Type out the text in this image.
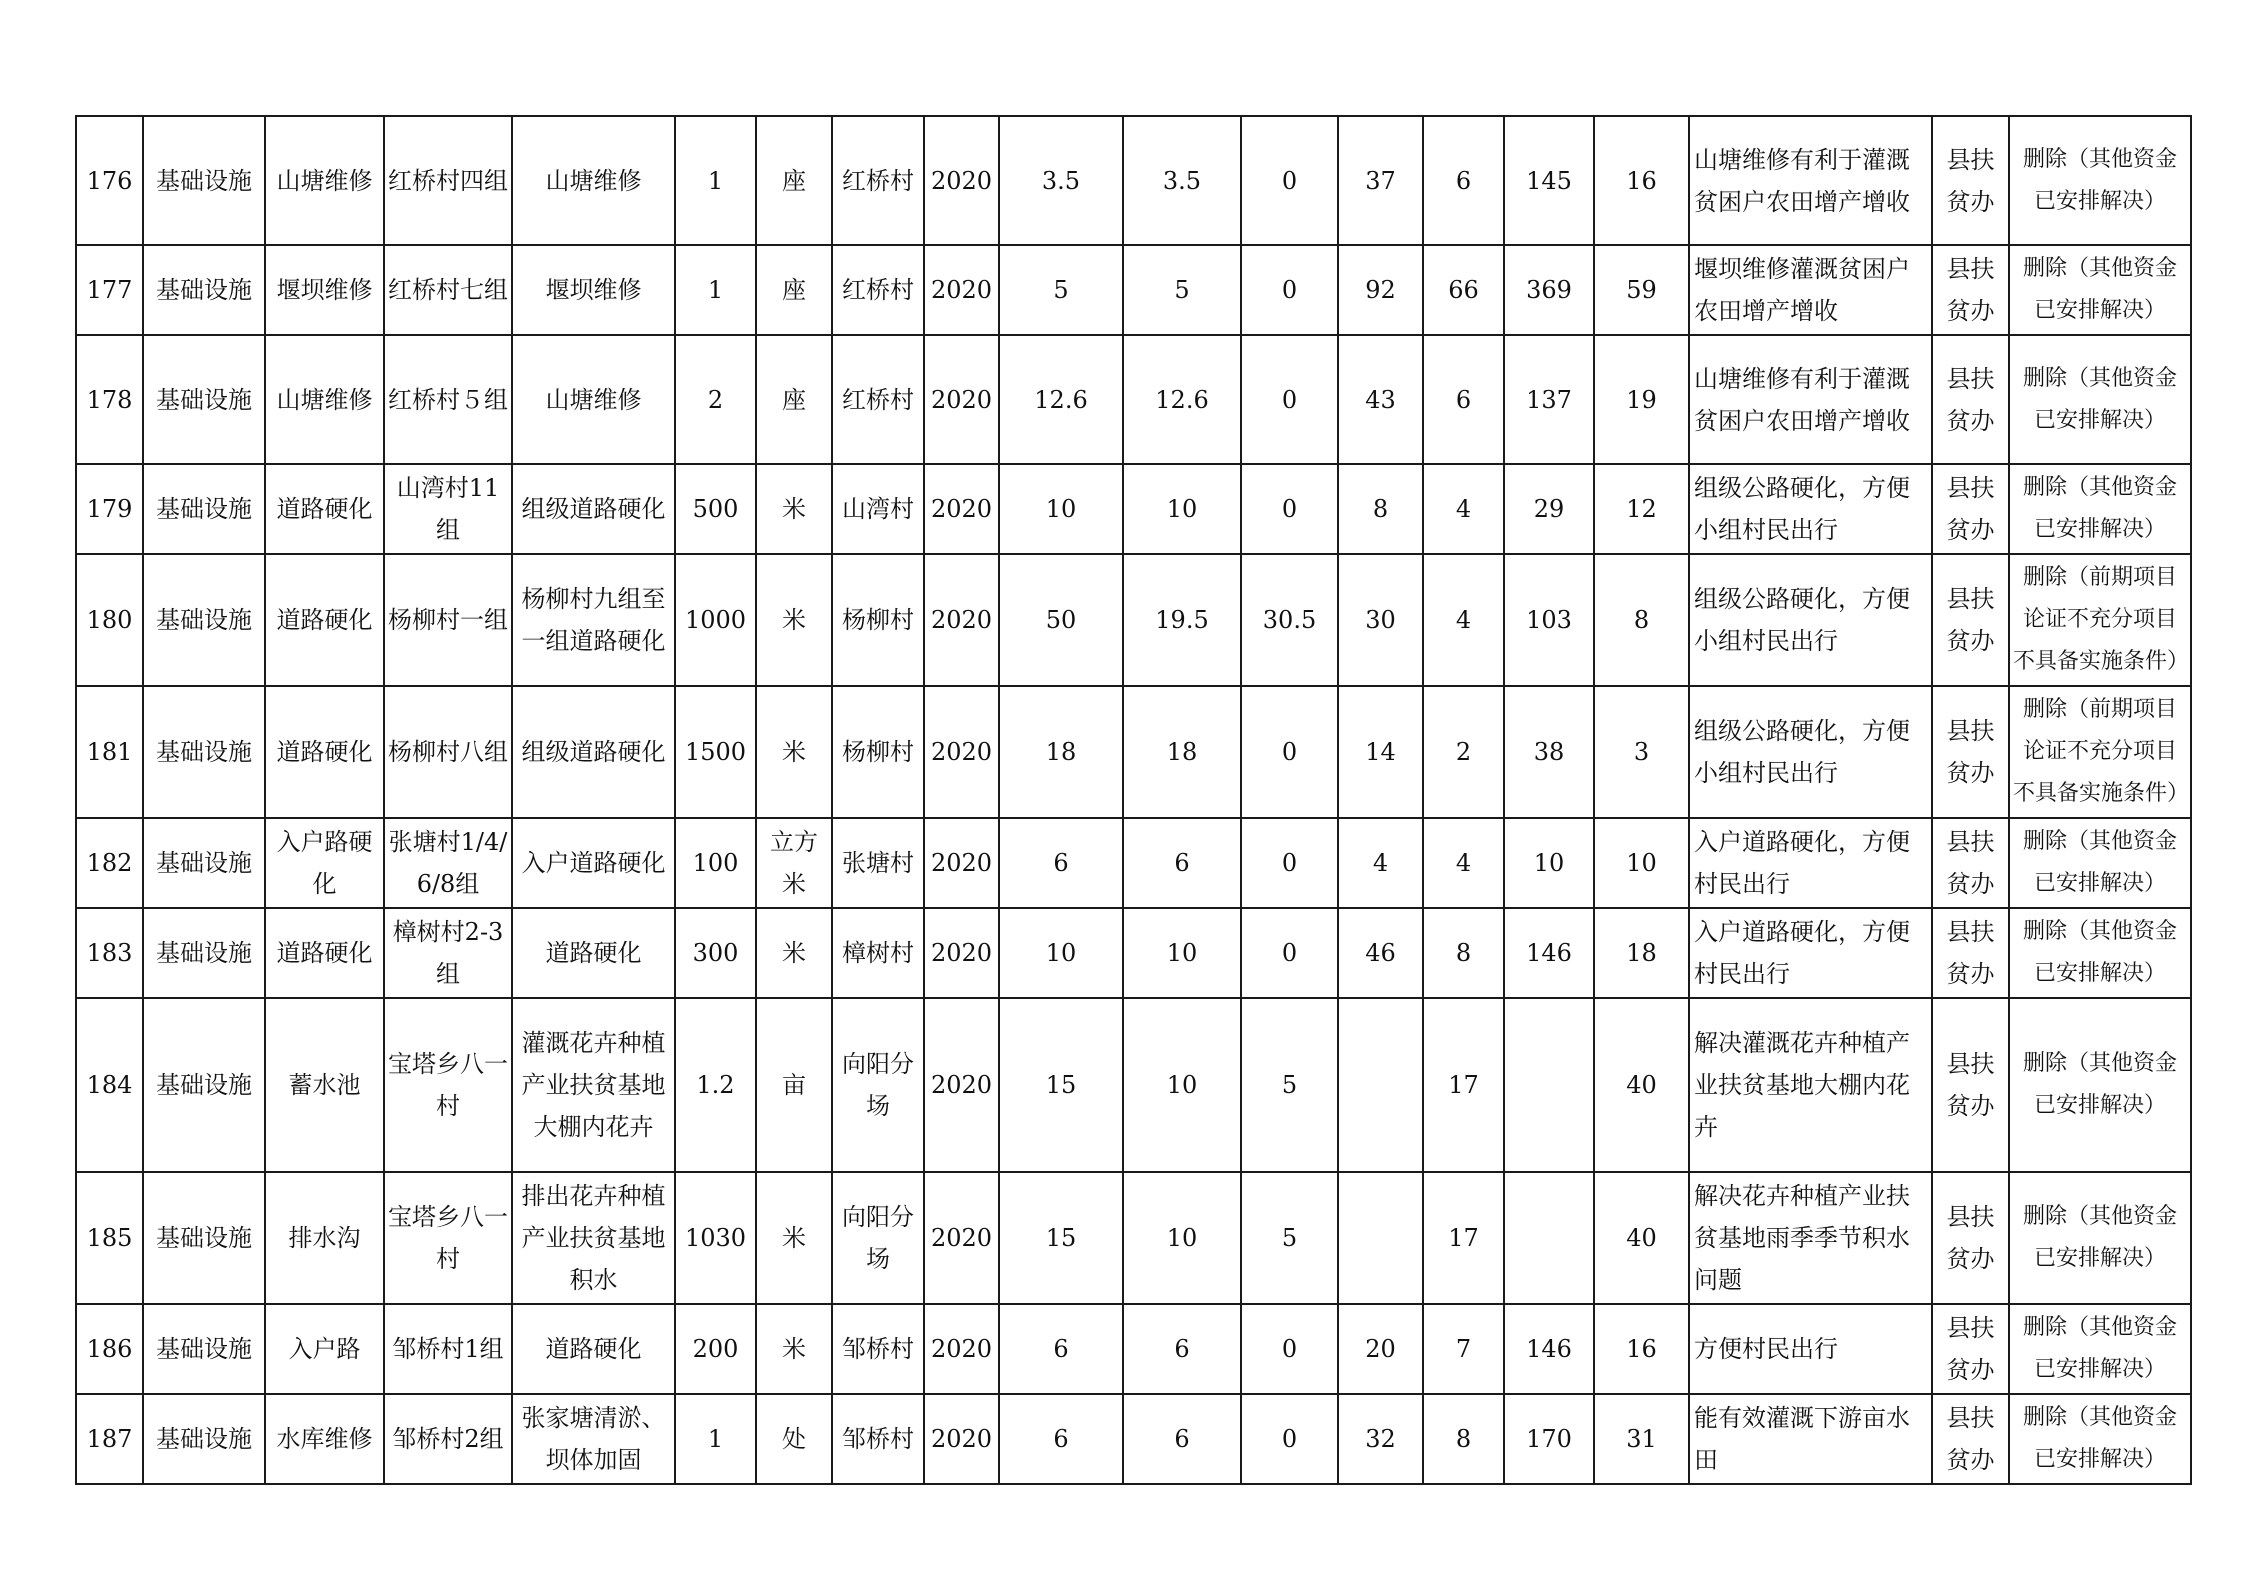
176	基础设施	山塘维修	红桥村四组	山塘维修	1	座	红桥村	2020	3.5	3.5	0	37	6	145	16	山塘维修有利于灌溉贫困户农田增产增收	县扶贫办	删除（其他资金已安排解决）
177	基础设施	堰坝维修	红桥村七组	堰坝维修	1	座	红桥村	2020	5	5	0	92	66	369	59	堰坝维修灌溉贫困户农田增产增收	县扶贫办	删除（其他资金已安排解决）
178	基础设施	山塘维修	红桥村５组	山塘维修	2	座	红桥村	2020	12.6	12.6	0	43	6	137	19	山塘维修有利于灌溉贫困户农田增产增收	县扶贫办	删除（其他资金已安排解决）
179	基础设施	道路硬化	山湾村11组	组级道路硬化	500	米	山湾村	2020	10	10	0	8	4	29	12	组级公路硬化，方便小组村民出行	县扶贫办	删除（其他资金已安排解决）
180	基础设施	道路硬化	杨柳村一组	杨柳村九组至一组道路硬化	1000	米	杨柳村	2020	50	19.5	30.5	30	4	103	8	组级公路硬化，方便小组村民出行	县扶贫办	删除（前期项目论证不充分项目不具备实施条件）
181	基础设施	道路硬化	杨柳村八组	组级道路硬化	1500	米	杨柳村	2020	18	18	0	14	2	38	3	组级公路硬化，方便小组村民出行	县扶贫办	删除（前期项目论证不充分项目不具备实施条件）
182	基础设施	入户路硬化	张塘村1/4/6/8组	入户道路硬化	100	立方米	张塘村	2020	6	6	0	4	4	10	10	入户道路硬化，方便村民出行	县扶贫办	删除（其他资金已安排解决）
183	基础设施	道路硬化	樟树村2-3组	道路硬化	300	米	樟树村	2020	10	10	0	46	8	146	18	入户道路硬化，方便村民出行	县扶贫办	删除（其他资金已安排解决）
184	基础设施	蓄水池	宝塔乡八一村	灌溉花卉种植产业扶贫基地大棚内花卉	1.2	亩	向阳分场	2020	15	10	5		17		40	解决灌溉花卉种植产业扶贫基地大棚内花卉	县扶贫办	删除（其他资金已安排解决）
185	基础设施	排水沟	宝塔乡八一村	排出花卉种植产业扶贫基地积水	1030	米	向阳分场	2020	15	10	5		17		40	解决花卉种植产业扶贫基地雨季季节积水问题	县扶贫办	删除（其他资金已安排解决）
186	基础设施	入户路	邹桥村1组	道路硬化	200	米	邹桥村	2020	6	6	0	20	7	146	16	方便村民出行	县扶贫办	删除（其他资金已安排解决）
187	基础设施	水库维修	邹桥村2组	张家塘清淤、坝体加固	1	处	邹桥村	2020	6	6	0	32	8	170	31	能有效灌溉下游亩水田	县扶贫办	删除（其他资金已安排解决）
